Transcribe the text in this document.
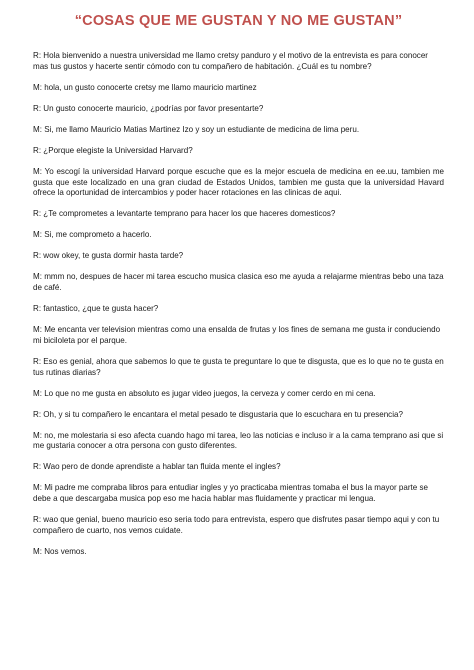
“COSAS QUE ME GUSTAN Y NO ME GUSTAN”

R: Hola bienvenido a nuestra universidad me llamo cretsy panduro y el motivo de la entrevista es para conocer mas tus gustos y hacerte sentir cómodo con tu compañero de habitación. ¿Cuál es tu nombre?

M: hola, un gusto conocerte cretsy me llamo mauricio martinez

R: Un gusto conocerte mauricio, ¿podrías por favor presentarte?

M: Si, me llamo Mauricio Matias Martinez Izo y soy un estudiante de medicina de lima peru.

R: ¿Porque elegiste la Universidad Harvard?

M: Yo escogí la universidad Harvard porque escuche que es la mejor escuela de medicina en ee.uu, tambien me gusta que este localizado en una gran ciudad de Estados Unidos, tambien me gusta que la universidad Havard ofrece la oportunidad de intercambios y poder hacer rotaciones en las clinicas de aqui.

R: ¿Te comprometes a levantarte temprano para hacer los que haceres domesticos?

M: Si, me comprometo a hacerlo.

R: wow okey, te gusta dormir hasta tarde?

M: mmm no, despues de hacer mi tarea escucho musica clasica eso me ayuda a relajarme mientras bebo una taza de café.

R: fantastico, ¿que te gusta hacer?

M: Me encanta ver television mientras como una ensalda de frutas y los fines de semana me gusta ir conduciendo mi biciloleta por el parque.

R: Eso es genial, ahora que sabemos lo que te gusta te preguntare lo que te disgusta, que es lo que no te gusta en tus rutinas diarias?

M: Lo que no me gusta en absoluto es jugar video juegos, la cerveza y comer cerdo en mi cena.

R: Oh, y si tu compañero le encantara el metal pesado te disgustaria que lo escuchara en tu presencia?

M: no, me molestaria si eso afecta cuando hago mi tarea, leo las noticias e incluso ir a la cama temprano asi que si me gustaria conocer a otra persona con gusto diferentes.

R: Wao pero de donde aprendiste a hablar tan fluida mente el ingles?

M: Mi padre me compraba libros para entudiar ingles y yo practicaba mientras tomaba el bus la mayor parte se debe a que descargaba musica pop eso me hacia hablar mas fluidamente y practicar mi lengua.

R: wao que genial, bueno mauricio eso seria todo para entrevista, espero que disfrutes pasar tiempo aqui y con tu compañero de cuarto, nos vemos cuidate.

M: Nos vemos.
